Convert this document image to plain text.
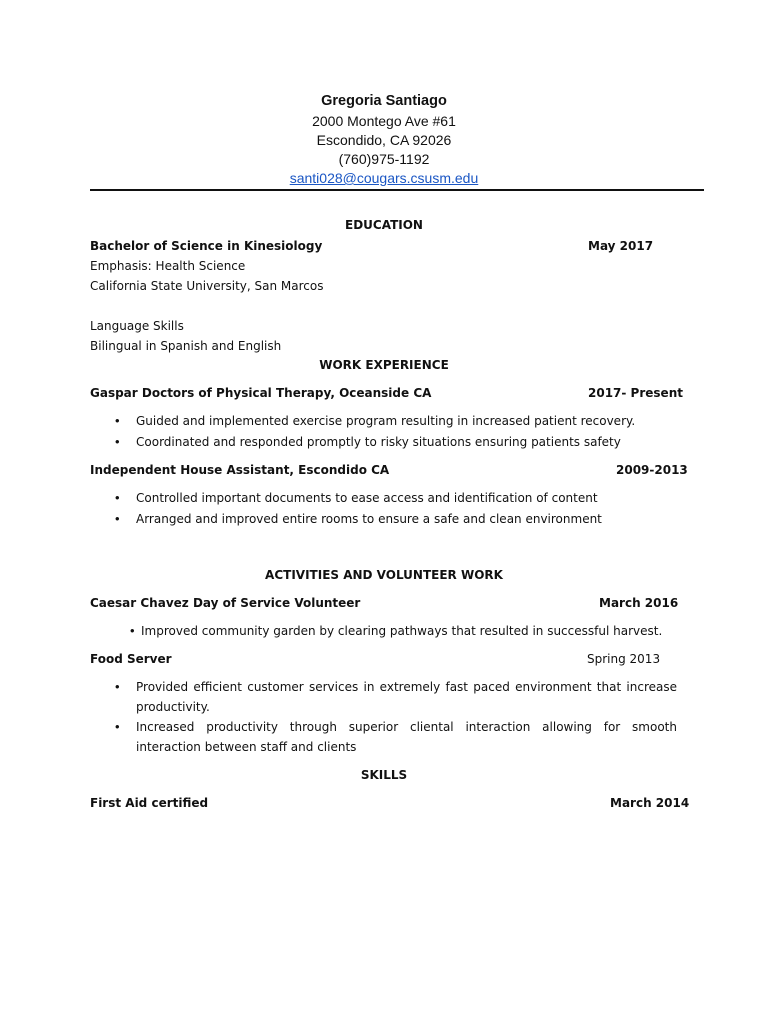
Gregoria Santiago
2000 Montego Ave #61
Escondido, CA 92026
(760)975-1192
santi028@cougars.csusm.edu
EDUCATION
Bachelor of Science in Kinesiology	May 2017
Emphasis: Health Science
California State University, San Marcos
Language Skills
Bilingual in Spanish and English
WORK EXPERIENCE
Gaspar Doctors of Physical Therapy, Oceanside CA	2017- Present
• Guided and implemented exercise program resulting in increased patient recovery.
• Coordinated and responded promptly to risky situations ensuring patients safety
Independent House Assistant, Escondido CA	2009-2013
• Controlled important documents to ease access and identification of content
• Arranged and improved entire rooms to ensure a safe and clean environment
ACTIVITIES AND VOLUNTEER WORK
Caesar Chavez Day of Service Volunteer	March 2016
• Improved community garden by clearing pathways that resulted in successful harvest.
Food Server	Spring 2013
• Provided efficient customer services in extremely fast paced environment that increase productivity.
• Increased productivity through superior cliental interaction allowing for smooth interaction between staff and clients
SKILLS
First Aid certified	March 2014
